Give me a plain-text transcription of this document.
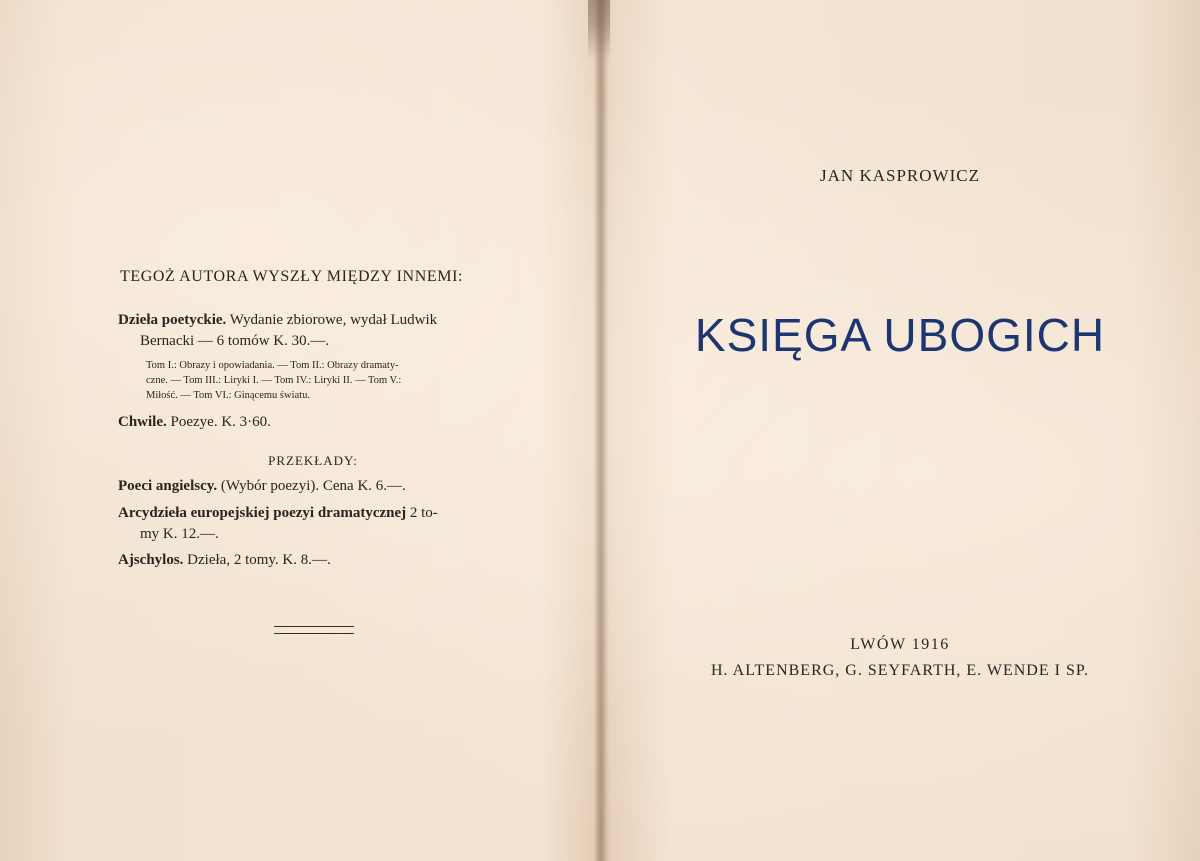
TEGOŻ AUTORA WYSZŁY MIĘDZY INNEMI:
Dzieła poetyckie. Wydanie zbiorowe, wydał Ludwik
Bernacki — 6 tomów K. 30.—.
Tom I.: Obrazy i opowiadania. — Tom II.: Obrazy dramaty-
czne. — Tom III.: Liryki I. — Tom IV.: Liryki II. — Tom V.:
Miłość. — Tom VI.: Ginącemu światu.
Chwile. Poezye. K. 3·60.
PRZEKŁADY:
Poeci angielscy. (Wybór poezyi). Cena K. 6.—.
Arcydzieła europejskiej poezyi dramatycznej 2 to-
my K. 12.—.
Ajschylos. Dzieła, 2 tomy. K. 8.—.
JAN KASPROWICZ
KSIĘGA UBOGICH
LWÓW 1916
H. ALTENBERG, G. SEYFARTH, E. WENDE I SP.
